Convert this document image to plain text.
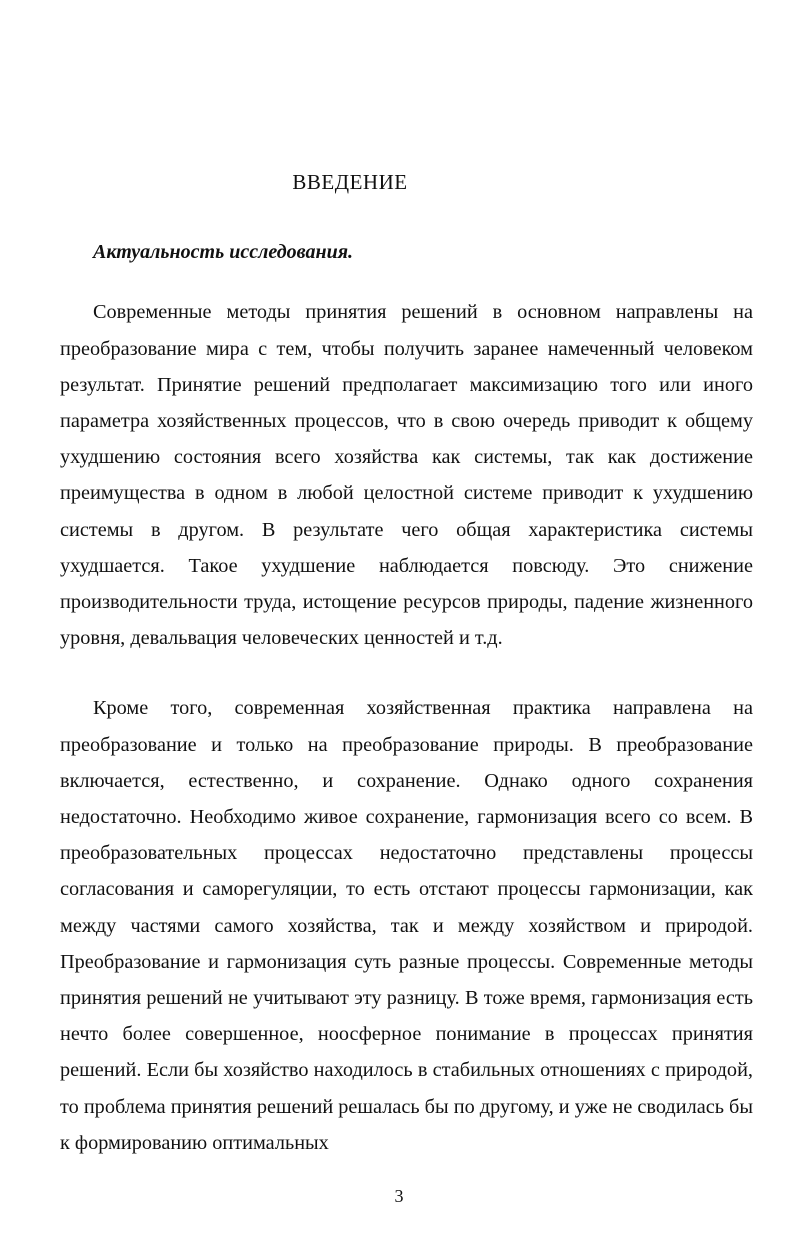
ВВЕДЕНИЕ
Актуальность исследования.

Современные методы принятия решений в основном направлены на преобразование мира с тем, чтобы получить заранее намеченный человеком результат. Принятие решений предполагает максимизацию того или иного параметра хозяйственных процессов, что в свою очередь приводит к общему ухудшению состояния всего хозяйства как системы, так как достижение преимущества в одном в любой целостной системе приводит к ухудшению системы в другом. В результате чего общая характеристика системы ухудшается. Такое ухудшение наблюдается повсюду. Это снижение производительности труда, истощение ресурсов природы, падение жизненного уровня, девальвация человеческих ценностей и т.д.

Кроме того, современная хозяйственная практика направлена на преобразование и только на преобразование природы. В преобразование включается, естественно, и сохранение. Однако одного сохранения недостаточно. Необходимо живое сохранение, гармонизация всего со всем. В преобразовательных процессах недостаточно представлены процессы согласования и саморегуляции, то есть отстают процессы гармонизации, как между частями самого хозяйства, так и между хозяйством и природой. Преобразование и гармонизация суть разные процессы. Современные методы принятия решений не учитывают эту разницу. В тоже время, гармонизация есть нечто более совершенное, ноосферное понимание в процессах принятия решений. Если бы хозяйство находилось в стабильных отношениях с природой, то проблема принятия решений решалась бы по другому, и уже не сводилась бы к формированию оптимальных

3
